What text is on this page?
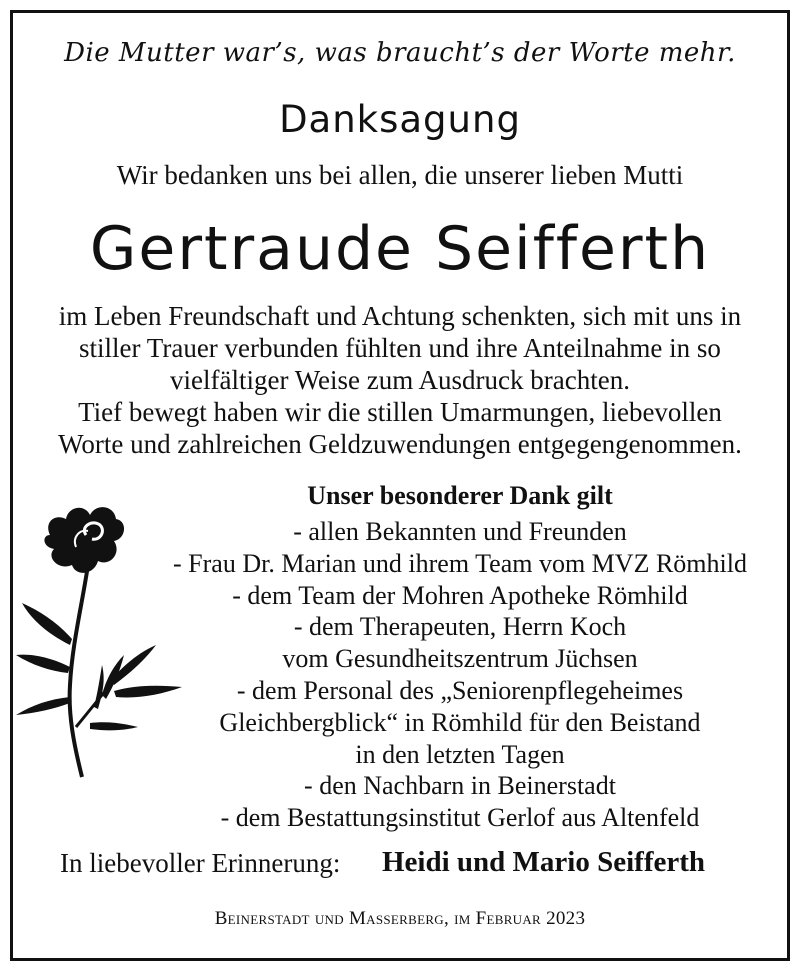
Die Mutter war’s, was braucht’s der Worte mehr.
Danksagung
Wir bedanken uns bei allen, die unserer lieben Mutti
Gertraude Seifferth
im Leben Freundschaft und Achtung schenkten, sich mit uns in
stiller Trauer verbunden fühlten und ihre Anteilnahme in so
vielfältiger Weise zum Ausdruck brachten.
Tief bewegt haben wir die stillen Umarmungen, liebevollen
Worte und zahlreichen Geldzuwendungen entgegengenommen.
Unser besonderer Dank gilt
- allen Bekannten und Freunden
- Frau Dr. Marian und ihrem Team vom MVZ Römhild
- dem Team der Mohren Apotheke Römhild
- dem Therapeuten, Herrn Koch
vom Gesundheitszentrum Jüchsen
- dem Personal des „Seniorenpflegeheimes
Gleichbergblick“ in Römhild für den Beistand
in den letzten Tagen
- den Nachbarn in Beinerstadt
- dem Bestattungsinstitut Gerlof aus Altenfeld
In liebevoller Erinnerung: Heidi und Mario Seifferth
Beinerstadt und Masserberg, im Februar 2023
